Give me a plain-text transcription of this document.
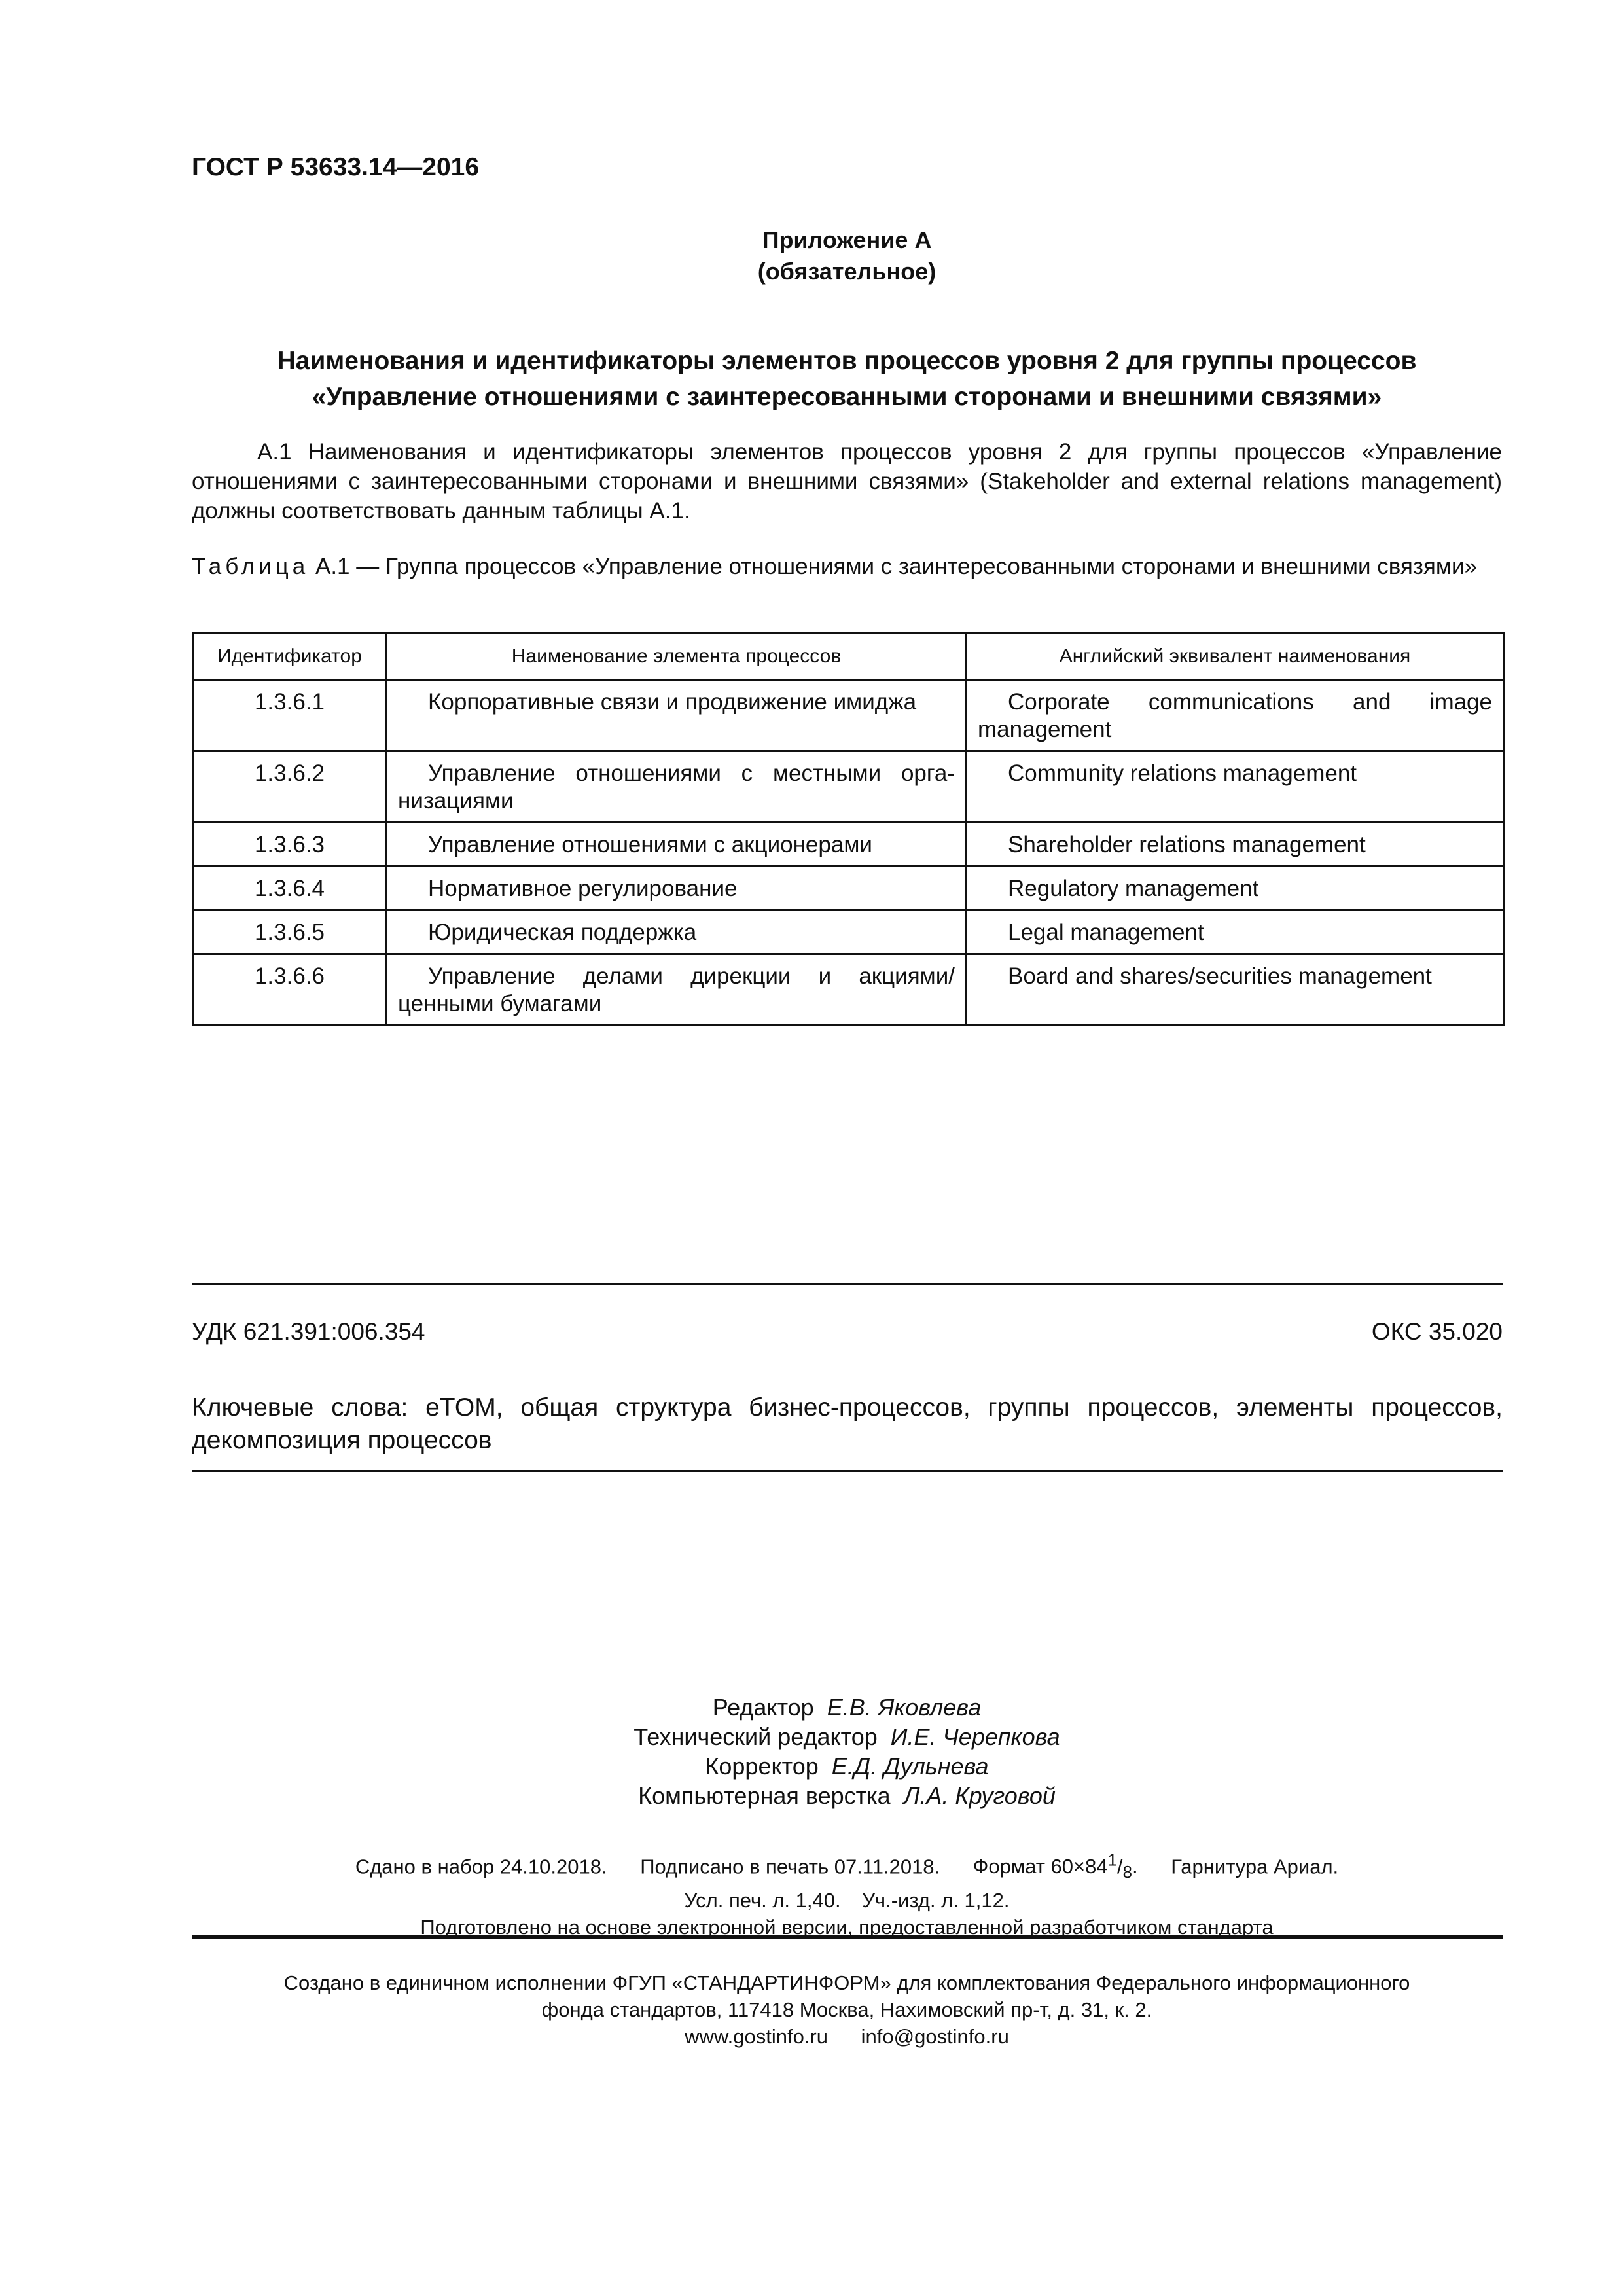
ГОСТ Р 53633.14—2016
Приложение А
(обязательное)
Наименования и идентификаторы элементов процессов уровня 2 для группы процессов
«Управление отношениями с заинтересованными сторонами и внешними связями»
А.1 Наименования и идентификаторы элементов процессов уровня 2 для группы процессов «Управление отношениями с заинтересованными сторонами и внешними связями» (Stakeholder and external relations management) должны соответствовать данным таблицы А.1.
Таблица А.1 — Группа процессов «Управление отношениями с заинтересованными сторонами и внешними связями»
Идентификатор	Наименование элемента процессов	Английский эквивалент наименования
1.3.6.1	Корпоративные связи и продвижение имиджа	Corporate communications and image management
1.3.6.2	Управление отношениями с местными организациями	Community relations management
1.3.6.3	Управление отношениями с акционерами	Shareholder relations management
1.3.6.4	Нормативное регулирование	Regulatory management
1.3.6.5	Юридическая поддержка	Legal management
1.3.6.6	Управление делами дирекции и акциями/ценными бумагами	Board and shares/securities management
УДК 621.391:006.354	ОКС 35.020
Ключевые слова: eTOM, общая структура бизнес-процессов, группы процессов, элементы процессов, декомпозиция процессов
Редактор Е.В. Яковлева
Технический редактор И.Е. Черепкова
Корректор Е.Д. Дульнева
Компьютерная верстка Л.А. Круговой
Сдано в набор 24.10.2018. Подписано в печать 07.11.2018. Формат $60\times 84^1/_8$. Гарнитура Ариал.
Усл. печ. л. 1,40. Уч.-изд. л. 1,12.
Подготовлено на основе электронной версии, предоставленной разработчиком стандарта
Создано в единичном исполнении ФГУП «СТАНДАРТИНФОРМ» для комплектования Федерального информационного
фонда стандартов, 117418 Москва, Нахимовский пр-т, д. 31, к. 2.
www.gostinfo.ru info@gostinfo.ru
